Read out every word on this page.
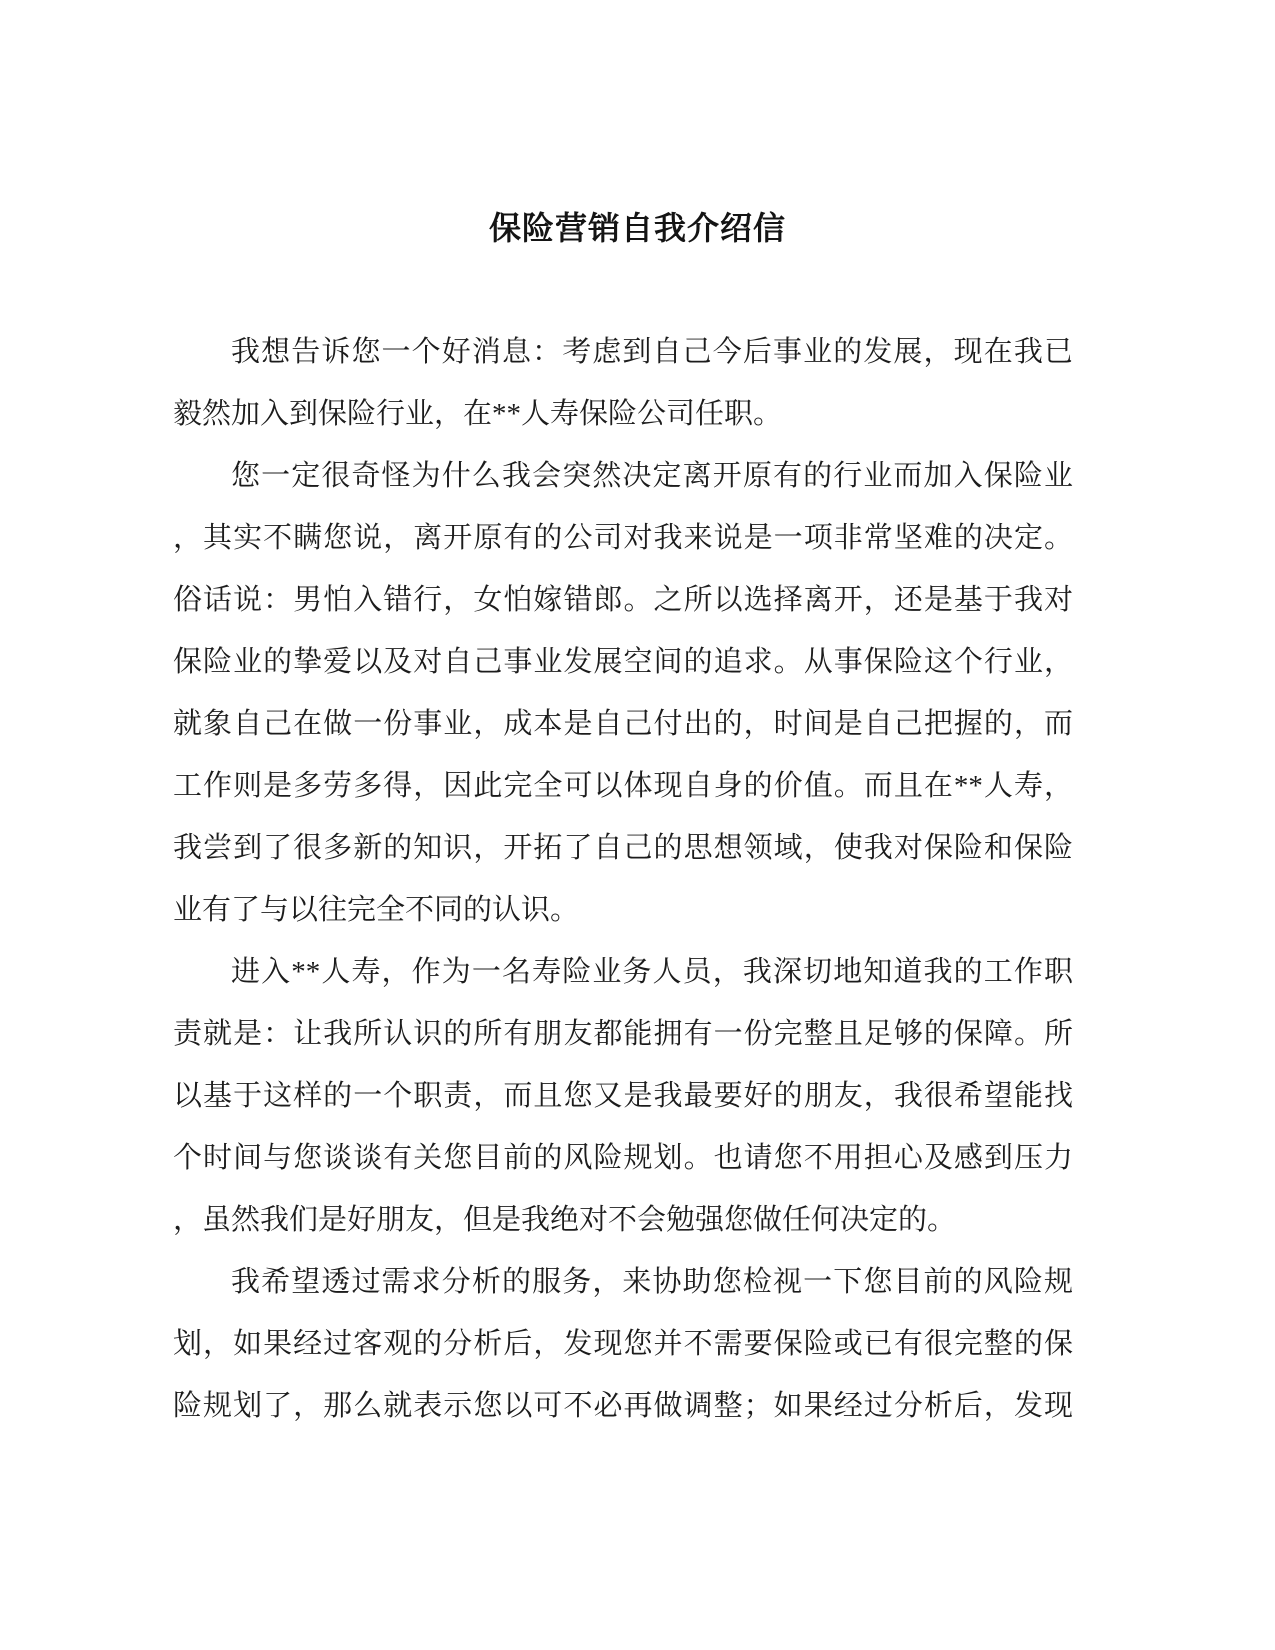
保险营销自我介绍信
我想告诉您一个好消息：考虑到自己今后事业的发展，现在我已
毅然加入到保险行业，在**人寿保险公司任职。
您一定很奇怪为什么我会突然决定离开原有的行业而加入保险业
，其实不瞒您说，离开原有的公司对我来说是一项非常坚难的决定。
俗话说：男怕入错行，女怕嫁错郎。之所以选择离开，还是基于我对
保险业的挚爱以及对自己事业发展空间的追求。从事保险这个行业，
就象自己在做一份事业，成本是自己付出的，时间是自己把握的，而
工作则是多劳多得，因此完全可以体现自身的价值。而且在**人寿，
我尝到了很多新的知识，开拓了自己的思想领域，使我对保险和保险
业有了与以往完全不同的认识。
进入**人寿，作为一名寿险业务人员，我深切地知道我的工作职
责就是：让我所认识的所有朋友都能拥有一份完整且足够的保障。所
以基于这样的一个职责，而且您又是我最要好的朋友，我很希望能找
个时间与您谈谈有关您目前的风险规划。也请您不用担心及感到压力
，虽然我们是好朋友，但是我绝对不会勉强您做任何决定的。
我希望透过需求分析的服务，来协助您检视一下您目前的风险规
划，如果经过客观的分析后，发现您并不需要保险或已有很完整的保
险规划了，那么就表示您以可不必再做调整；如果经过分析后，发现
